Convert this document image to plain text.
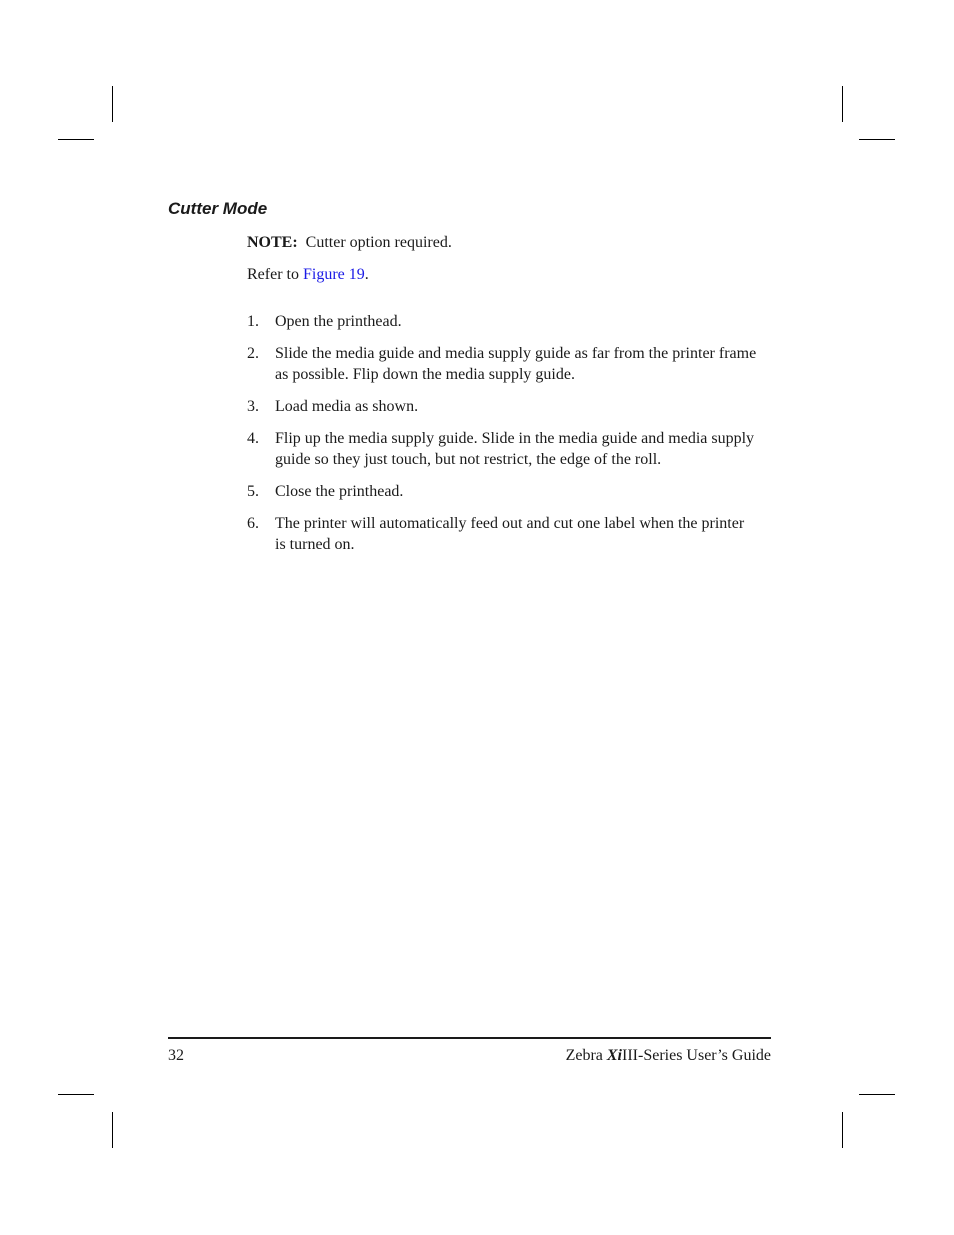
Cutter Mode
NOTE: Cutter option required.
Refer to Figure 19.
1. Open the printhead.
2. Slide the media guide and media supply guide as far from the printer frame as possible. Flip down the media supply guide.
3. Load media as shown.
4. Flip up the media supply guide. Slide in the media guide and media supply guide so they just touch, but not restrict, the edge of the roll.
5. Close the printhead.
6. The printer will automatically feed out and cut one label when the printer is turned on.
32	Zebra XiIII-Series User’s Guide
